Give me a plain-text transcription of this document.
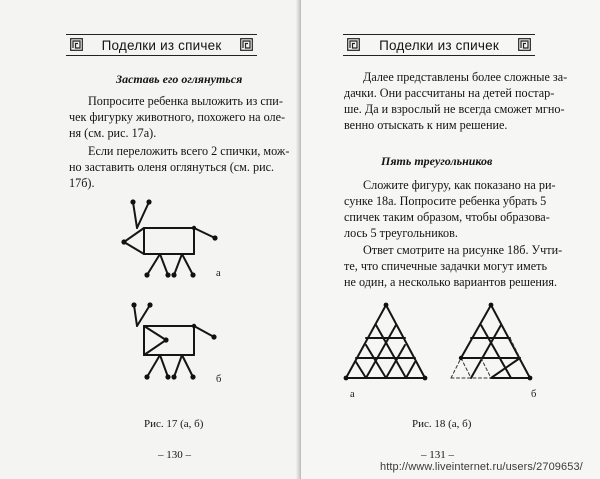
Поделки из спичек
Заставь его оглянуться
Попросите ребенка выложить из спи-
чек фигурку животного, похожего на оле-
ня (см. рис. 17а).
Если переложить всего 2 спички, мож-
но заставить оленя оглянуться (см. рис.
17б).
а
б
Рис. 17 (а, б)
– 130 –
Поделки из спичек
Далее представлены более сложные за-
дачки. Они рассчитаны на детей постар-
ше. Да и взрослый не всегда сможет мгно-
венно отыскать к ним решение.
Пять треугольников
Сложите фигуру, как показано на ри-
сунке 18а. Попросите ребенка убрать 5
спичек таким образом, чтобы образова-
лось 5 треугольников.
Ответ смотрите на рисунке 18б. Учти-
те, что спичечные задачки могут иметь
не один, а несколько вариантов решения.
а	б
Рис. 18 (а, б)
– 131 –
http://www.liveinternet.ru/users/2709653/
